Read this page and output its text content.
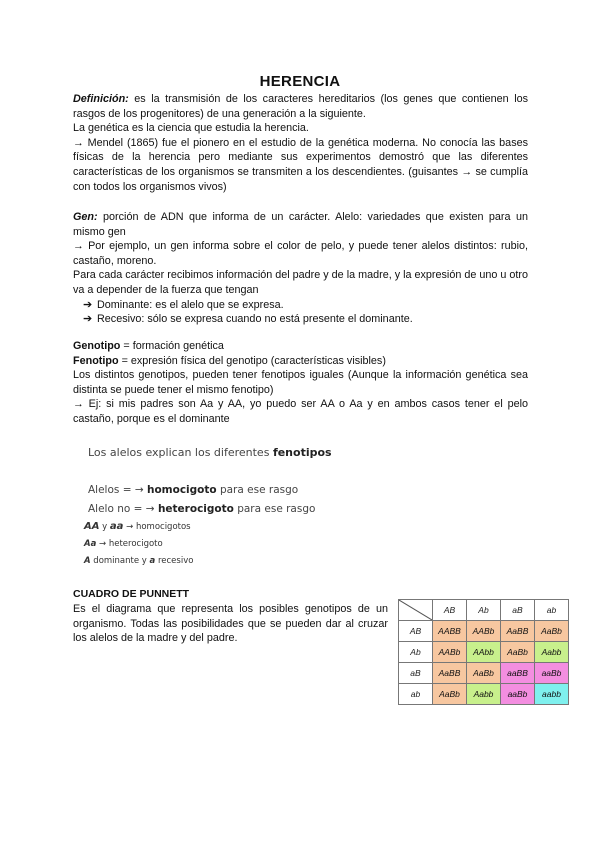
HERENCIA

Definición: es la transmisión de los caracteres hereditarios (los genes que contienen los rasgos de los progenitores) de una generación a la siguiente.

La genética es la ciencia que estudia la herencia.

→ Mendel (1865) fue el pionero en el estudio de la genética moderna. No conocía las bases físicas de la herencia pero mediante sus experimentos demostró que las diferentes características de los organismos se transmiten a los descendientes. (guisantes → se cumplía con todos los organismos vivos)

Gen: porción de ADN que informa de un carácter. Alelo: variedades que existen para un mismo gen

→ Por ejemplo, un gen informa sobre el color de pelo, y puede tener alelos distintos: rubio, castaño, moreno.

Para cada carácter recibimos información del padre y de la madre, y la expresión de uno u otro va a depender de la fuerza que tengan

➔ Dominante: es el alelo que se expresa.

➔ Recesivo: sólo se expresa cuando no está presente el dominante.

Genotipo = formación genética

Fenotipo = expresión física del genotipo (características visibles)

Los distintos genotipos, pueden tener fenotipos iguales (Aunque la información genética sea distinta se puede tener el mismo fenotipo)

→ Ej: si mis padres son Aa y AA, yo puedo ser AA o Aa y en ambos casos tener el pelo castaño, porque es el dominante

Los alelos explican los diferentes fenotipos
Alelos = → homocigoto para ese rasgo
Alelo no = → heterocigoto para ese rasgo
AA y aa → homocigotos
Aa → heterocigoto
A dominante y a recesivo
CUADRO DE PUNNETT
Es el diagrama que representa los posibles genotipos de un organismo. Todas las posibilidades que se pueden dar al cruzar los alelos de la madre y del padre.
	AB	Ab	aB	ab
AB	AABB	AABb	AaBB	AaBb
Ab	AABb	AAbb	AaBb	Aabb
aB	AaBB	AaBb	aaBB	aaBb
ab	AaBb	Aabb	aaBb	aabb
